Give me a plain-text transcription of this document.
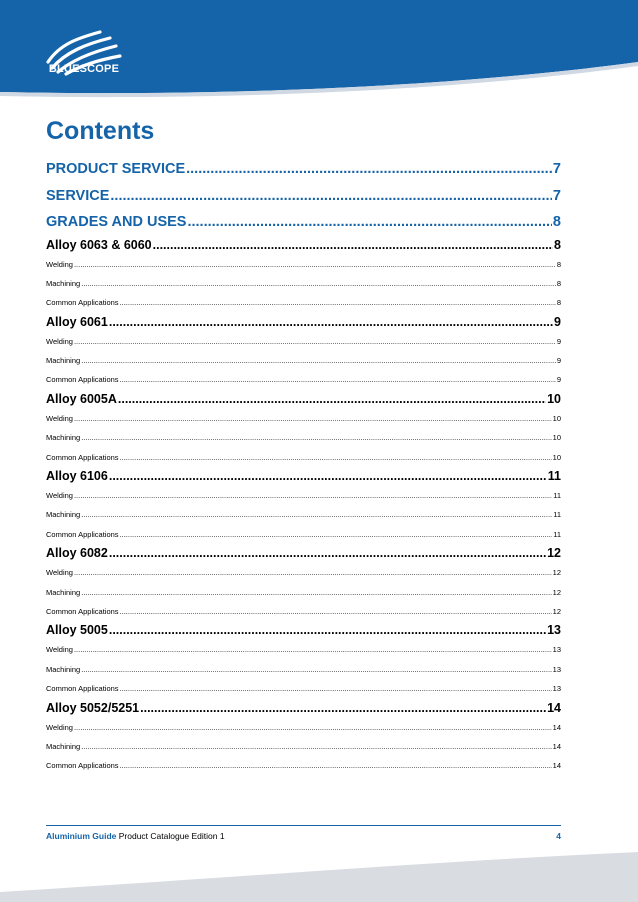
BLUESCOPE
Contents
PRODUCT SERVICE .....	7
SERVICE .....	7
GRADES AND USES .....	8
Alloy 6063 & 6060 .....	8
Welding .....	8
Machining .....	8
Common Applications .....	8
Alloy 6061 .....	9
Welding .....	9
Machining .....	9
Common Applications .....	9
Alloy 6005A .....	10
Welding .....	10
Machining .....	10
Common Applications .....	10
Alloy 6106 .....	11
Welding .....	11
Machining .....	11
Common Applications .....	11
Alloy 6082 .....	12
Welding .....	12
Machining .....	12
Common Applications .....	12
Alloy 5005 .....	13
Welding .....	13
Machining .....	13
Common Applications .....	13
Alloy 5052/5251 .....	14
Welding .....	14
Machining .....	14
Common Applications .....	14
Aluminium Guide Product Catalogue Edition 1	4
